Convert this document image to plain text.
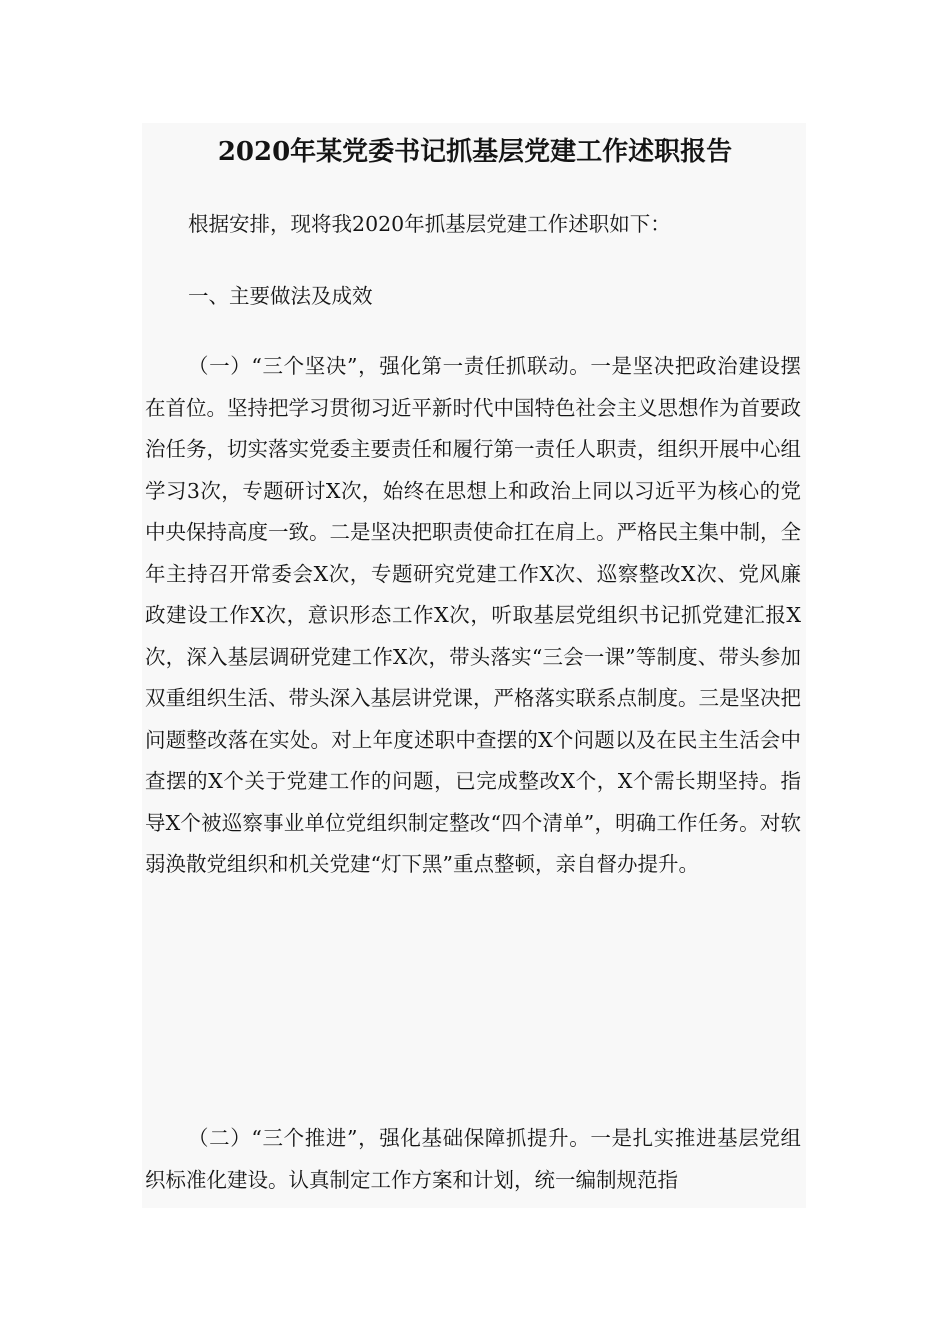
2020年某党委书记抓基层党建工作述职报告

根据安排，现将我2020年抓基层党建工作述职如下：

一、主要做法及成效

（一）“三个坚决”，强化第一责任抓联动。一是坚决把政治建设摆在首位。坚持把学习贯彻习近平新时代中国特色社会主义思想作为首要政治任务，切实落实党委主要责任和履行第一责任人职责，组织开展中心组学习3次，专题研讨X次，始终在思想上和政治上同以习近平为核心的党中央保持高度一致。二是坚决把职责使命扛在肩上。严格民主集中制，全年主持召开常委会X次，专题研究党建工作X次、巡察整改X次、党风廉政建设工作X次，意识形态工作X次，听取基层党组织书记抓党建汇报X次，深入基层调研党建工作X次，带头落实“三会一课”等制度、带头参加双重组织生活、带头深入基层讲党课，严格落实联系点制度。三是坚决把问题整改落在实处。对上年度述职中查摆的X个问题以及在民主生活会中查摆的X个关于党建工作的问题，已完成整改X个，X个需长期坚持。指导X个被巡察事业单位党组织制定整改“四个清单”，明确工作任务。对软弱涣散党组织和机关党建“灯下黑”重点整顿，亲自督办提升。

（二）“三个推进”，强化基础保障抓提升。一是扎实推进基层党组织标准化建设。认真制定工作方案和计划，统一编制规范指
